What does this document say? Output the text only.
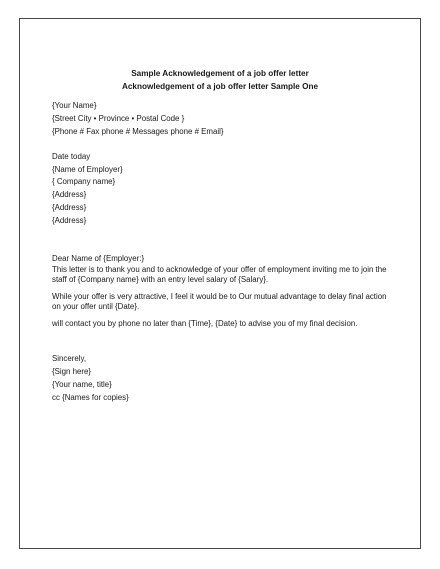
Sample Acknowledgement of a job offer letter
Acknowledgement of a job offer letter Sample One
{Your Name}
{Street City • Province • Postal Code }
{Phone # Fax phone # Messages phone # Email}
Date today
{Name of Employer}
{ Company name}
{Address}
{Address}
{Address}
Dear Name of {Employer:}
This letter is to thank you and to acknowledge of your offer of employment inviting me to join the staff of {Company name} with an entry level salary of {Salary}.
While your offer is very attractive, I feel it would be to Our mutual advantage to delay final action on your offer until {Date}.
will contact you by phone no later than {Time}, {Date} to advise you of my final decision.
Sincerely,
{Sign here}
{Your name, title}
cc {Names for copies}
